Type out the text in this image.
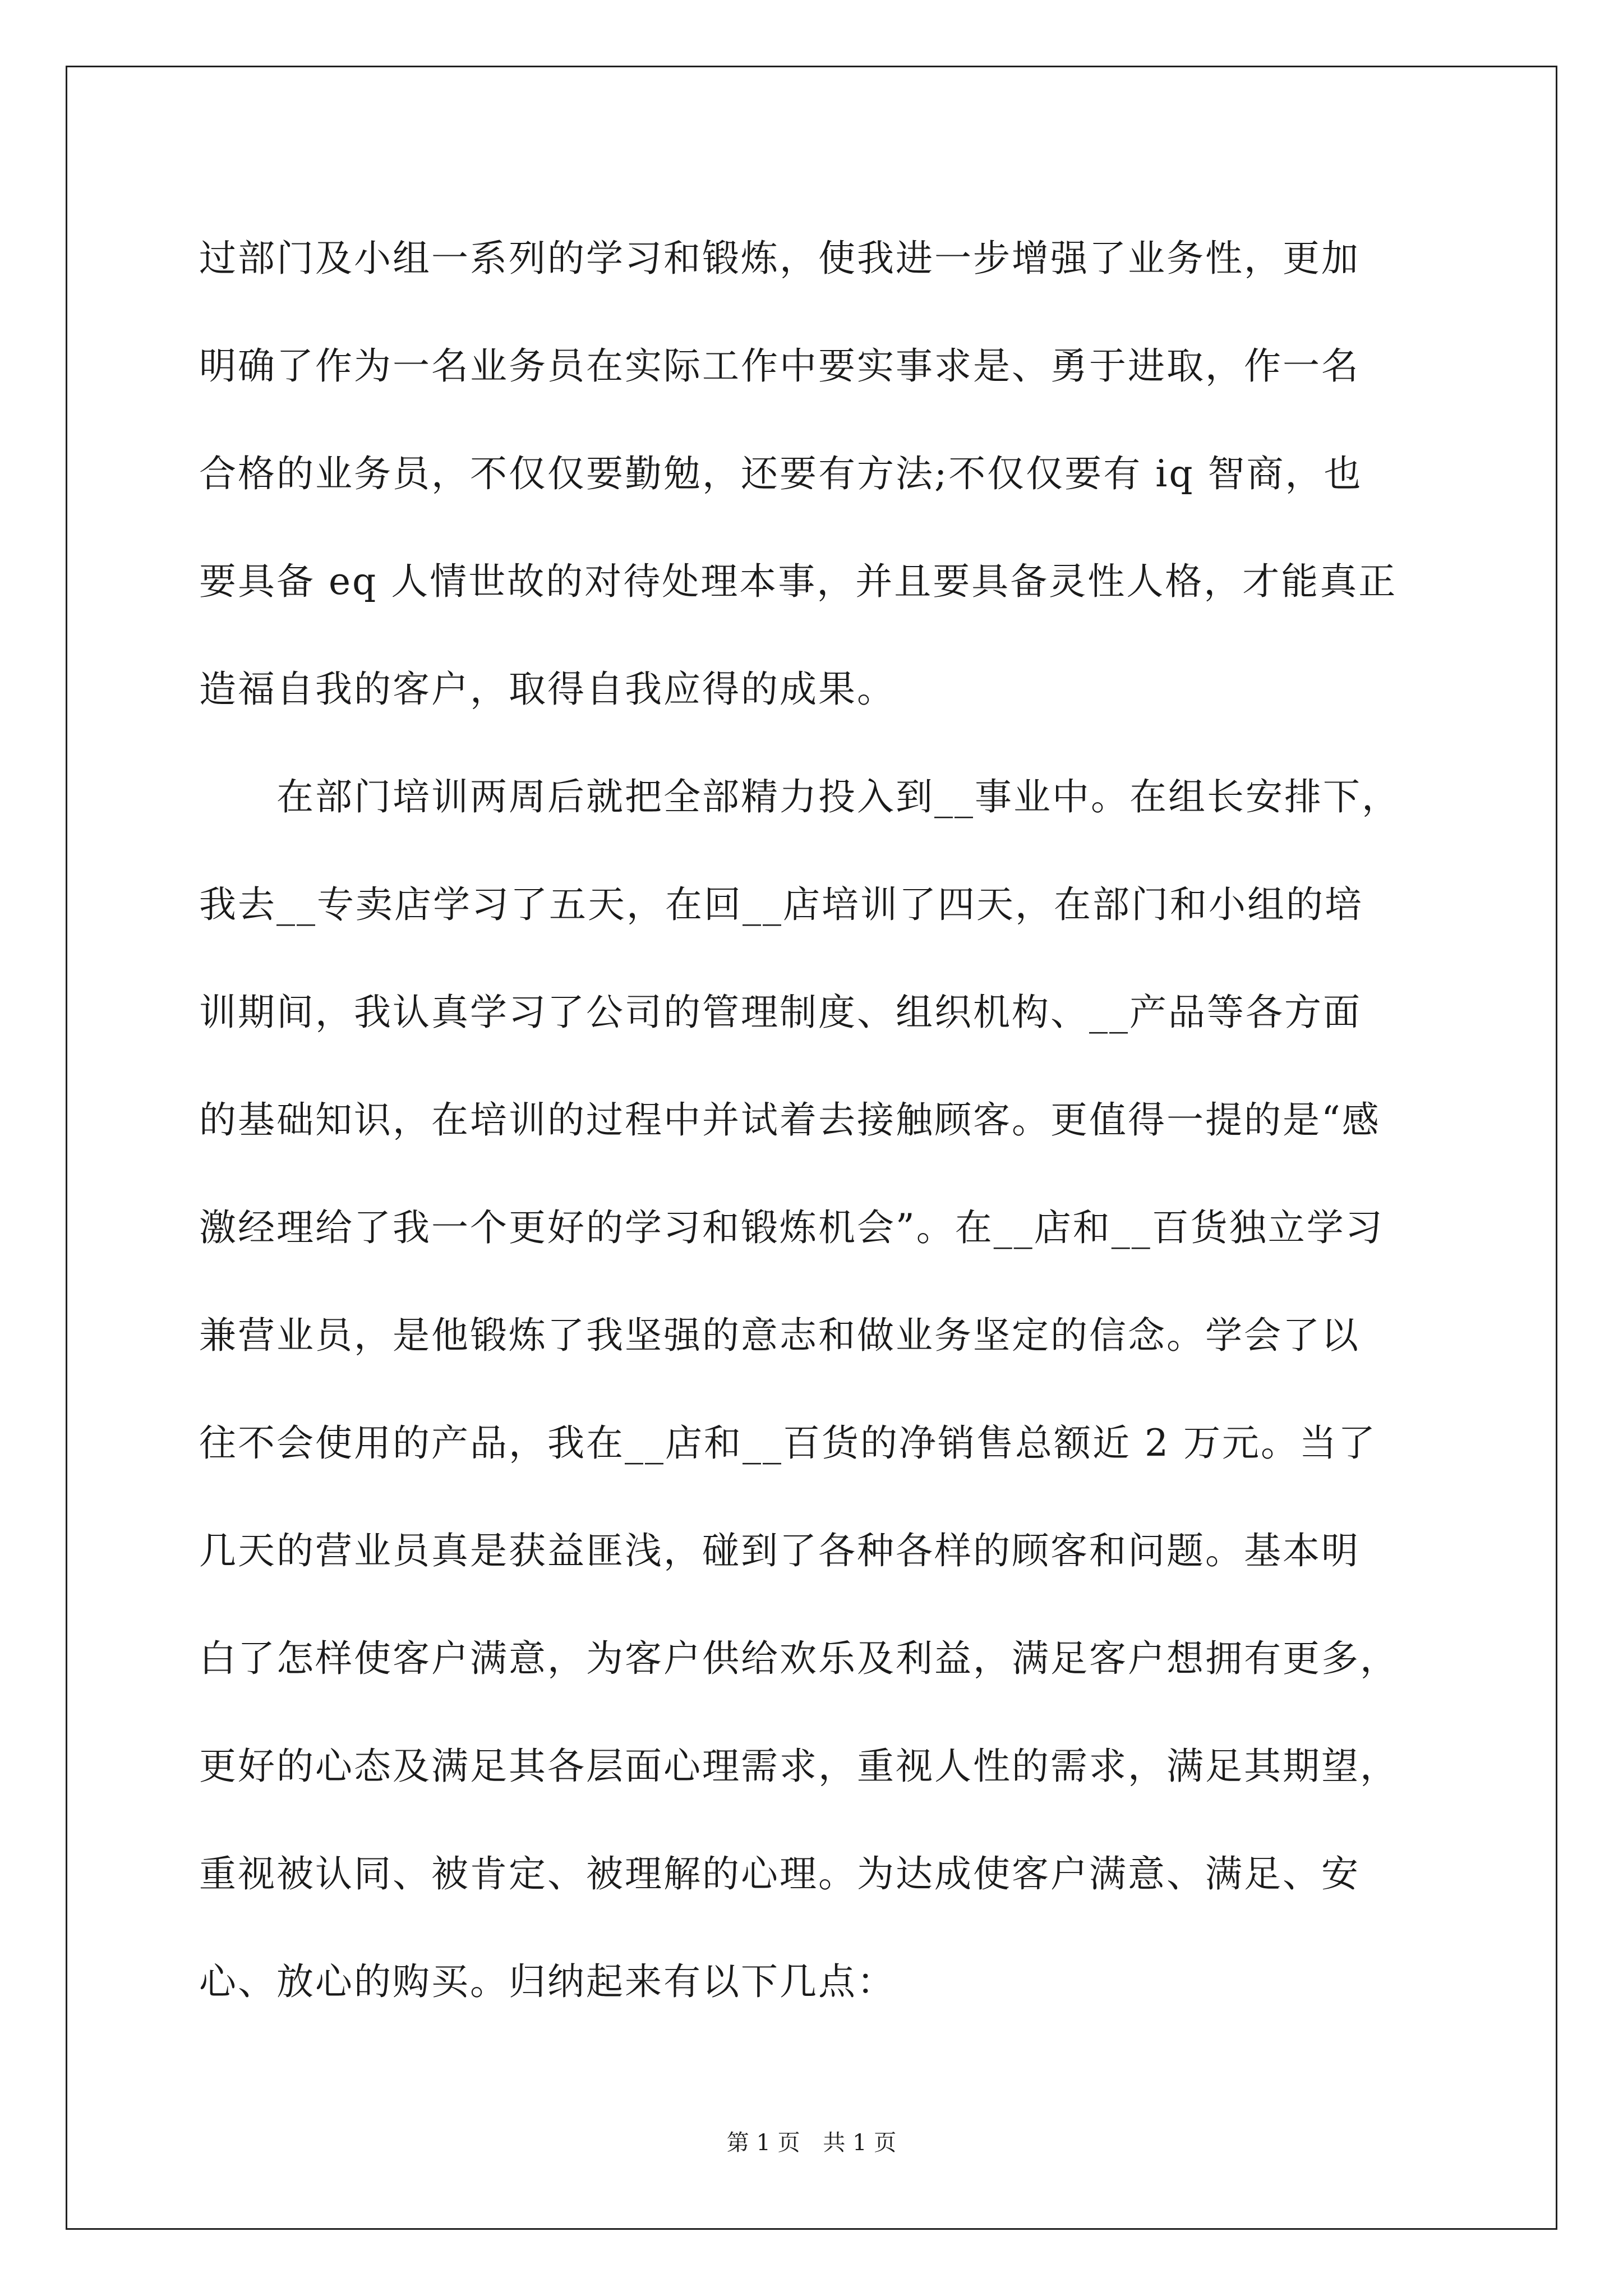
过部门及小组一系列的学习和锻炼，使我进一步增强了业务性，更加
明确了作为一名业务员在实际工作中要实事求是、勇于进取，作一名
合格的业务员，不仅仅要勤勉，还要有方法;不仅仅要有 iq 智商，也
要具备 eq 人情世故的对待处理本事，并且要具备灵性人格，才能真正
造福自我的客户，取得自我应得的成果。
　　在部门培训两周后就把全部精力投入到__事业中。在组长安排下，
我去__专卖店学习了五天，在回__店培训了四天，在部门和小组的培
训期间，我认真学习了公司的管理制度、组织机构、__产品等各方面
的基础知识，在培训的过程中并试着去接触顾客。更值得一提的是“感
激经理给了我一个更好的学习和锻炼机会”。在__店和__百货独立学习
兼营业员，是他锻炼了我坚强的意志和做业务坚定的信念。学会了以
往不会使用的产品，我在__店和__百货的净销售总额近 2 万元。当了
几天的营业员真是获益匪浅，碰到了各种各样的顾客和问题。基本明
白了怎样使客户满意，为客户供给欢乐及利益，满足客户想拥有更多，
更好的心态及满足其各层面心理需求，重视人性的需求，满足其期望，
重视被认同、被肯定、被理解的心理。为达成使客户满意、满足、安
心、放心的购买。归纳起来有以下几点：
第 1 页 共 1 页
